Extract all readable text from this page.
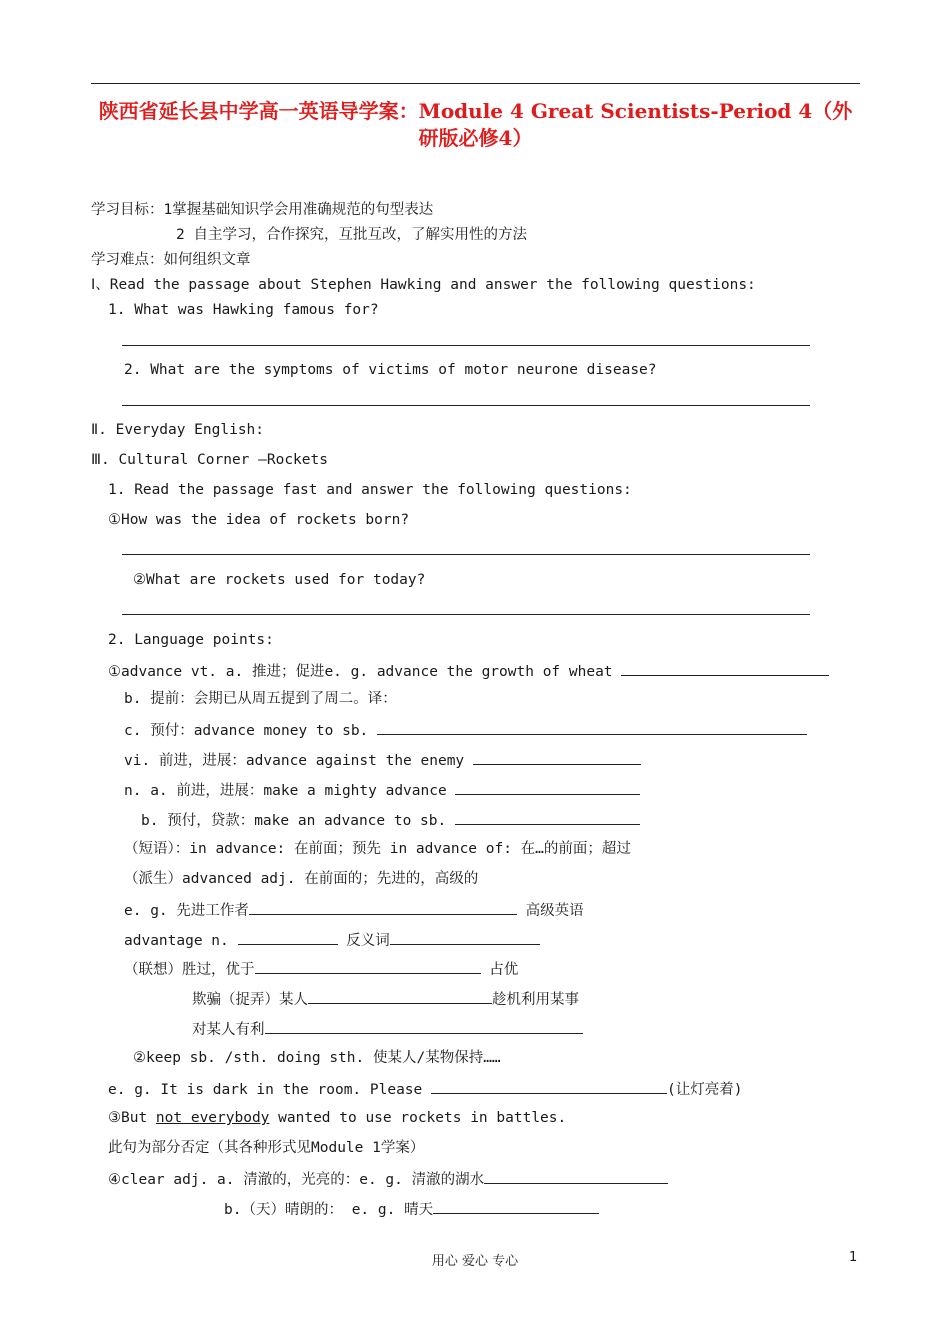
陕西省延长县中学高一英语导学案：Module 4 Great Scientists-Period 4（外
研版必修4）
学习目标：1掌握基础知识学会用准确规范的句型表达
2 自主学习，合作探究，互批互改，了解实用性的方法
学习难点：如何组织文章
Ⅰ、Read the passage about Stephen Hawking and answer the following questions:
1. What was Hawking famous for?
2. What are the symptoms of victims of motor neurone disease?
Ⅱ. Everyday English:
Ⅲ. Cultural Corner —Rockets
1. Read the passage fast and answer the following questions:
①How was the idea of rockets born?
②What are rockets used for today?
2. Language points:
①advance vt. a. 推进；促进e. g. advance the growth of wheat
b. 提前：会期已从周五提到了周二。译：
c. 预付：advance money to sb.
vi. 前进，进展：advance against the enemy
n. a. 前进，进展：make a mighty advance
b. 预付，贷款：make an advance to sb.
（短语）：in advance: 在前面；预先 in advance of: 在…的前面；超过
（派生）advanced adj. 在前面的；先进的，高级的
e. g. 先进工作者	高级英语
advantage n.	反义词
（联想）胜过，优于	占优
欺骗（捉弄）某人	趁机利用某事
对某人有利
②keep sb. /sth. doing sth. 使某人/某物保持……
e. g. It is dark in the room. Please	(让灯亮着)
③But not everybody wanted to use rockets in battles.
此句为部分否定（其各种形式见Module 1学案）
④clear adj. a. 清澈的，光亮的：e. g. 清澈的湖水
b.（天）晴朗的： e. g. 晴天
用心 爱心 专心	1
